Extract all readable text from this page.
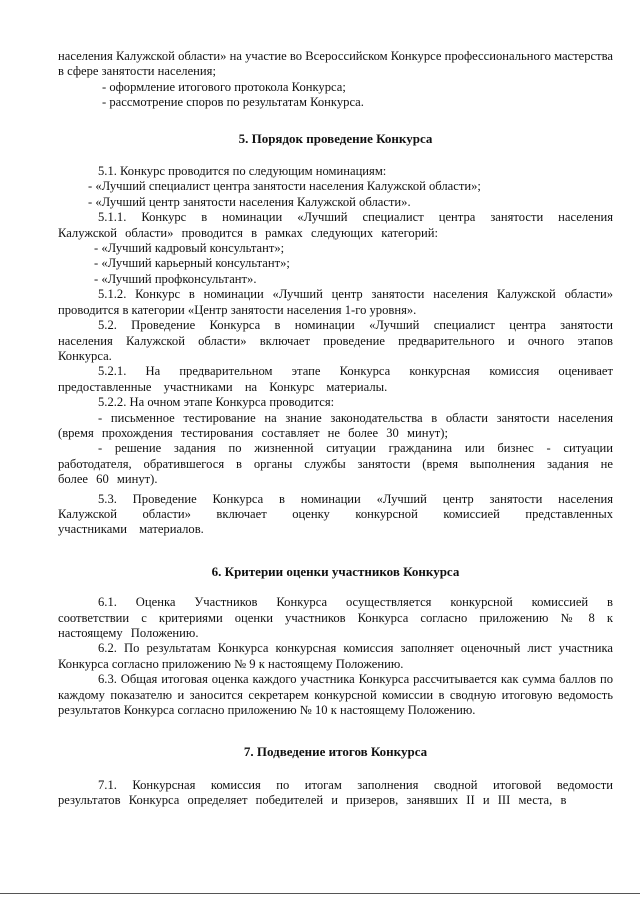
населения Калужской области» на участие во Всероссийском Конкурсе профессионального мастерства в сфере занятости населения;

- оформление итогового протокола Конкурса;

- рассмотрение споров по результатам Конкурса.

5. Порядок проведение Конкурса

5.1. Конкурс проводится по следующим номинациям:

- «Лучший специалист центра занятости населения Калужской области»;

- «Лучший центр занятости населения Калужской области».

5.1.1. Конкурс в номинации «Лучший специалист центра занятости населения Калужской области» проводится в рамках следующих категорий:

- «Лучший кадровый консультант»;

- «Лучший карьерный консультант»;

- «Лучший профконсультант».

5.1.2. Конкурс в номинации «Лучший центр занятости населения Калужской области» проводится в категории «Центр занятости населения 1-го уровня».

5.2. Проведение Конкурса в номинации «Лучший специалист центра занятости населения Калужской области» включает проведение предварительного и очного этапов Конкурса.

5.2.1. На предварительном этапе Конкурса конкурсная комиссия оценивает предоставленные участниками на Конкурс материалы.

5.2.2. На очном этапе Конкурса проводится:

- письменное тестирование на знание законодательства в области занятости населения (время прохождения тестирования составляет не более 30 минут);

- решение задания по жизненной ситуации гражданина или бизнес - ситуации работодателя, обратившегося в органы службы занятости (время выполнения задания не более 60 минут).

5.3. Проведение Конкурса в номинации «Лучший центр занятости населения Калужской области» включает оценку конкурсной комиссией представленных участниками материалов.

6. Критерии оценки участников Конкурса

6.1. Оценка Участников Конкурса осуществляется конкурсной комиссией в соответствии с критериями оценки участников Конкурса согласно приложению № 8 к настоящему Положению.

6.2. По результатам Конкурса конкурсная комиссия заполняет оценочный лист участника Конкурса согласно приложению № 9 к настоящему Положению.

6.3. Общая итоговая оценка каждого участника Конкурса рассчитывается как сумма баллов по каждому показателю и заносится секретарем конкурсной комиссии в сводную итоговую ведомость результатов Конкурса согласно приложению № 10 к настоящему Положению.

7. Подведение итогов Конкурса

7.1. Конкурсная комиссия по итогам заполнения сводной итоговой ведомости результатов Конкурса определяет победителей и призеров, занявших II и III места, в
